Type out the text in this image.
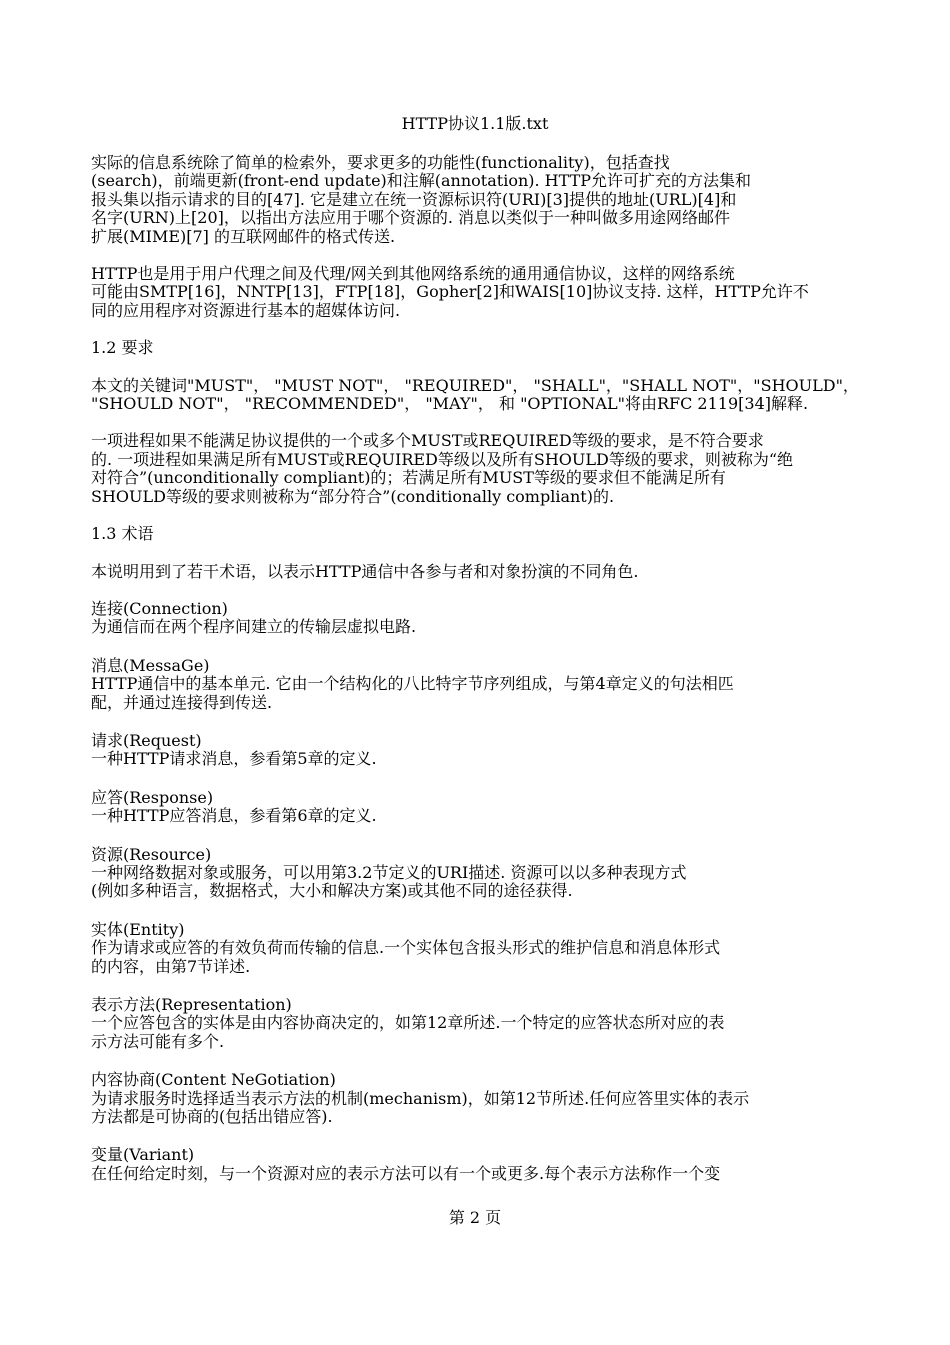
HTTP协议1.1版.txt

实际的信息系统除了简单的检索外，要求更多的功能性(functionality)，包括查找
(search)，前端更新(front-end update)和注解(annotation). HTTP允许可扩充的方法集和
报头集以指示请求的目的[47]. 它是建立在统一资源标识符(URI)[3]提供的地址(URL)[4]和
名字(URN)上[20]，以指出方法应用于哪个资源的. 消息以类似于一种叫做多用途网络邮件
扩展(MIME)[7] 的互联网邮件的格式传送.

HTTP也是用于用户代理之间及代理/网关到其他网络系统的通用通信协议，这样的网络系统
可能由SMTP[16]，NNTP[13]，FTP[18]，Gopher[2]和WAIS[10]协议支持. 这样，HTTP允许不
同的应用程序对资源进行基本的超媒体访问.

1.2 要求

本文的关键词"MUST"， "MUST NOT"， "REQUIRED"， "SHALL"，"SHALL NOT"，"SHOULD"，
"SHOULD NOT"， "RECOMMENDED"， "MAY"， 和 "OPTIONAL"将由RFC 2119[34]解释.

一项进程如果不能满足协议提供的一个或多个MUST或REQUIRED等级的要求，是不符合要求
的. 一项进程如果满足所有MUST或REQUIRED等级以及所有SHOULD等级的要求，则被称为“绝
对符合”(unconditionally compliant)的；若满足所有MUST等级的要求但不能满足所有
SHOULD等级的要求则被称为“部分符合”(conditionally compliant)的.

1.3 术语

本说明用到了若干术语，以表示HTTP通信中各参与者和对象扮演的不同角色.

连接(Connection)
为通信而在两个程序间建立的传输层虚拟电路.
消息(MessaGe)
HTTP通信中的基本单元. 它由一个结构化的八比特字节序列组成，与第4章定义的句法相匹
配，并通过连接得到传送.
请求(Request)
一种HTTP请求消息，参看第5章的定义.
应答(Response)
一种HTTP应答消息，参看第6章的定义.
资源(Resource)
一种网络数据对象或服务，可以用第3.2节定义的URI描述. 资源可以以多种表现方式
(例如多种语言，数据格式，大小和解决方案)或其他不同的途径获得.
实体(Entity)
作为请求或应答的有效负荷而传输的信息.一个实体包含报头形式的维护信息和消息体形式
的内容，由第7节详述.
表示方法(Representation)
一个应答包含的实体是由内容协商决定的，如第12章所述.一个特定的应答状态所对应的表
示方法可能有多个.
内容协商(Content NeGotiation)
为请求服务时选择适当表示方法的机制(mechanism)，如第12节所述.任何应答里实体的表示
方法都是可协商的(包括出错应答).
变量(Variant)
在任何给定时刻，与一个资源对应的表示方法可以有一个或更多.每个表示方法称作一个变
第 2 页
